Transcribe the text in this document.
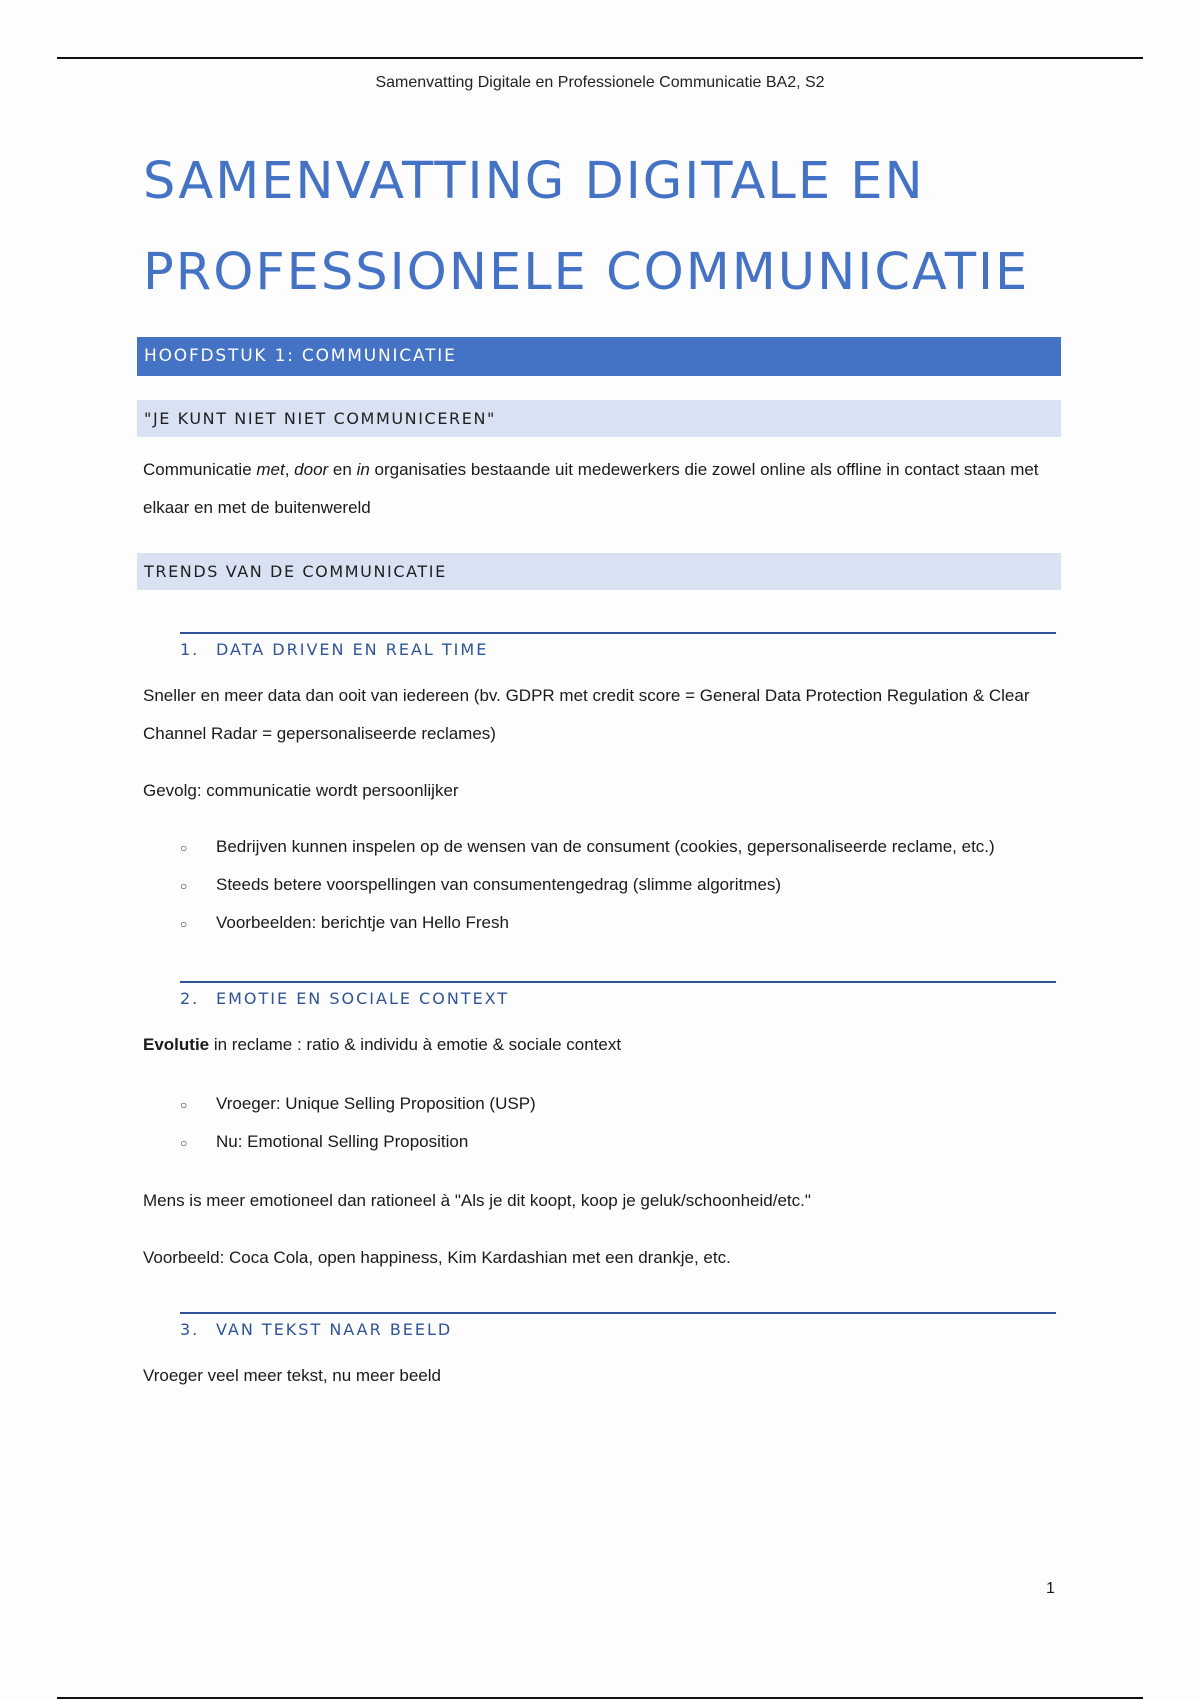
Samenvatting Digitale en Professionele Communicatie BA2, S2
SAMENVATTING DIGITALE EN
PROFESSIONELE COMMUNICATIE
HOOFDSTUK 1: COMMUNICATIE
"JE KUNT NIET NIET COMMUNICEREN"
Communicatie met, door en in organisaties bestaande uit medewerkers die zowel online als offline in contact staan met elkaar en met de buitenwereld
TRENDS VAN DE COMMUNICATIE
1. DATA DRIVEN EN REAL TIME
Sneller en meer data dan ooit van iedereen (bv. GDPR met credit score = General Data Protection Regulation & Clear Channel Radar = gepersonaliseerde reclames)
Gevolg: communicatie wordt persoonlijker
○ Bedrijven kunnen inspelen op de wensen van de consument (cookies, gepersonaliseerde reclame, etc.)
○ Steeds betere voorspellingen van consumentengedrag (slimme algoritmes)
○ Voorbeelden: berichtje van Hello Fresh
2. EMOTIE EN SOCIALE CONTEXT
Evolutie in reclame : ratio & individu à emotie & sociale context
○ Vroeger: Unique Selling Proposition (USP)
○ Nu: Emotional Selling Proposition
Mens is meer emotioneel dan rationeel à "Als je dit koopt, koop je geluk/schoonheid/etc."
Voorbeeld: Coca Cola, open happiness, Kim Kardashian met een drankje, etc.
3. VAN TEKST NAAR BEELD
Vroeger veel meer tekst, nu meer beeld
1
